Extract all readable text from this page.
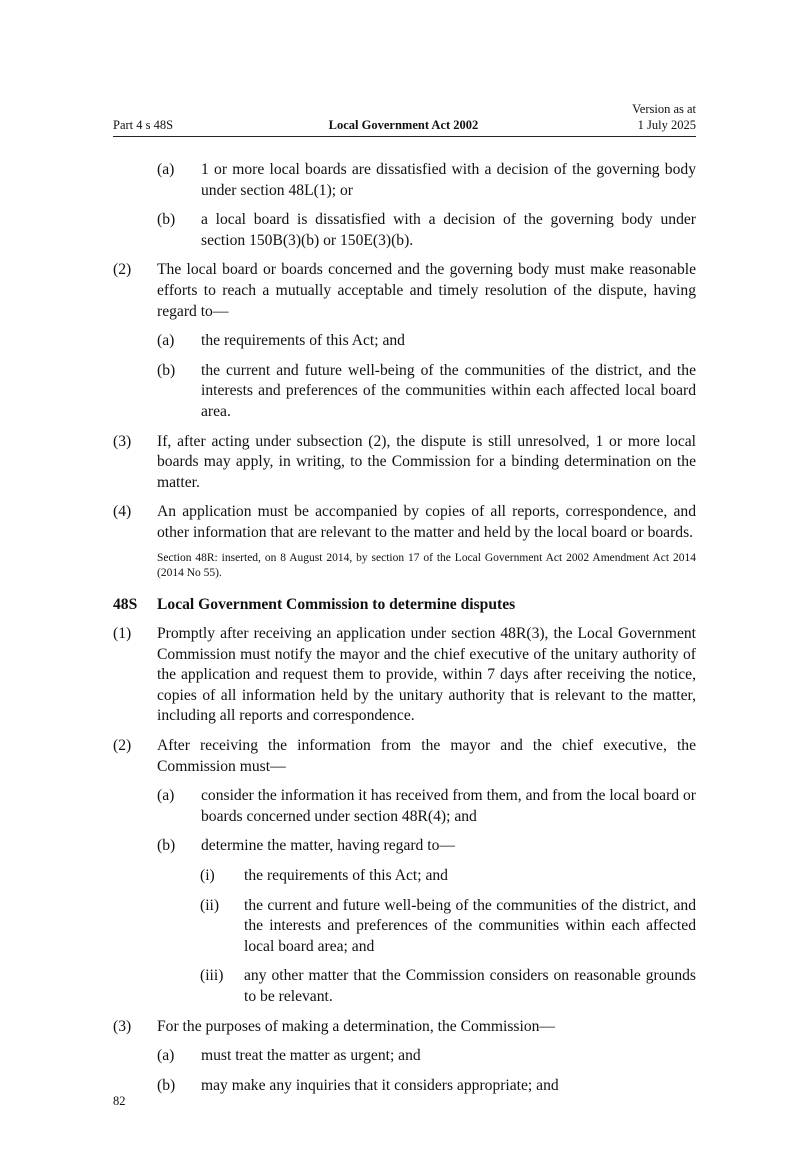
Version as at
Part 4 s 48S	Local Government Act 2002	1 July 2025
(a) 1 or more local boards are dissatisfied with a decision of the governing body under section 48L(1); or
(b) a local board is dissatisfied with a decision of the governing body under section 150B(3)(b) or 150E(3)(b).
(2) The local board or boards concerned and the governing body must make reasonable efforts to reach a mutually acceptable and timely resolution of the dispute, having regard to—
(a) the requirements of this Act; and
(b) the current and future well-being of the communities of the district, and the interests and preferences of the communities within each affected local board area.
(3) If, after acting under subsection (2), the dispute is still unresolved, 1 or more local boards may apply, in writing, to the Commission for a binding determination on the matter.
(4) An application must be accompanied by copies of all reports, correspondence, and other information that are relevant to the matter and held by the local board or boards.
Section 48R: inserted, on 8 August 2014, by section 17 of the Local Government Act 2002 Amendment Act 2014 (2014 No 55).
48S Local Government Commission to determine disputes
(1) Promptly after receiving an application under section 48R(3), the Local Government Commission must notify the mayor and the chief executive of the unitary authority of the application and request them to provide, within 7 days after receiving the notice, copies of all information held by the unitary authority that is relevant to the matter, including all reports and correspondence.
(2) After receiving the information from the mayor and the chief executive, the Commission must—
(a) consider the information it has received from them, and from the local board or boards concerned under section 48R(4); and
(b) determine the matter, having regard to—
(i) the requirements of this Act; and
(ii) the current and future well-being of the communities of the district, and the interests and preferences of the communities within each affected local board area; and
(iii) any other matter that the Commission considers on reasonable grounds to be relevant.
(3) For the purposes of making a determination, the Commission—
(a) must treat the matter as urgent; and
(b) may make any inquiries that it considers appropriate; and
82
